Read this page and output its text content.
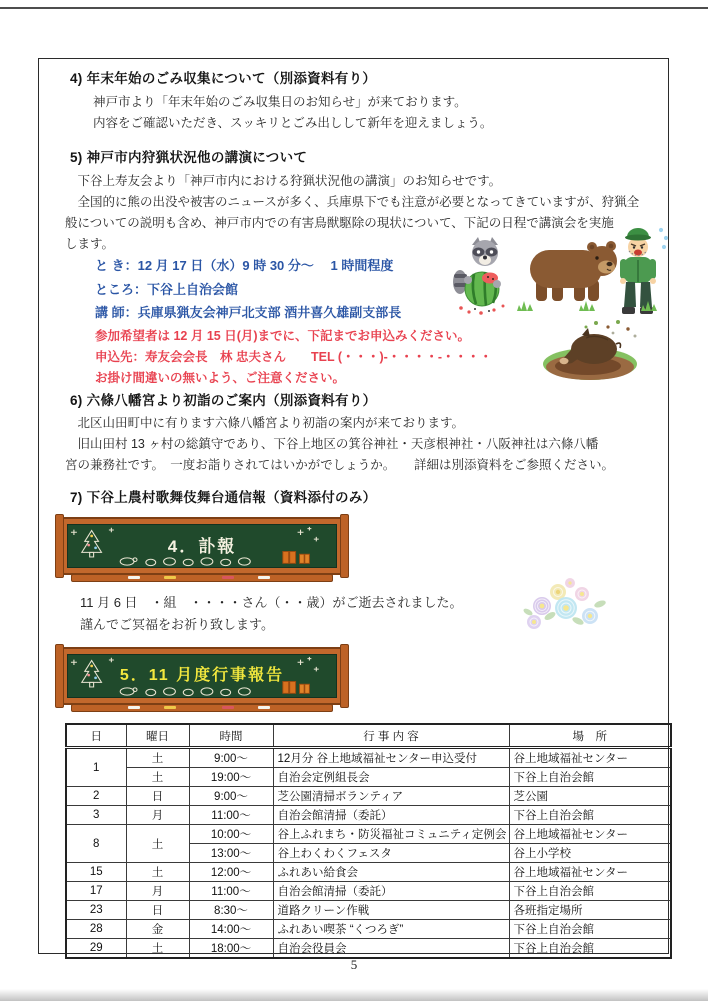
4) 年末年始のごみ収集について（別添資料有り）
神戸市より「年末年始のごみ収集日のお知らせ」が来ております。
内容をご確認いただき、スッキリとごみ出しして新年を迎えましょう。
5) 神戸市内狩猟状況他の講演について
　下谷上寿友会より「神戸市内における狩猟状況他の講演」のお知らせです。
　全国的に熊の出没や被害のニュースが多く、兵庫県下でも注意が必要となってきていますが、狩猟全
般についての説明も含め、神戸市内での有害鳥獣駆除の現状について、下記の日程で講演会を実施
します。
と き：12 月 17 日（水）9 時 30 分～　 1 時間程度
ところ：下谷上自治会館
講 師：兵庫県猟友会神戸北支部 酒井喜久雄副支部長
参加希望者は 12 月 15 日(月)までに、下記までお申込みください。
申込先：寿友会会長　林 忠夫さん　　TEL (・・・)-・・・・-・・・・
お掛け間違いの無いよう、ご注意ください。
6) 六條八幡宮より初詣のご案内（別添資料有り）
　北区山田町中に有ります六條八幡宮より初詣の案内が来ております。
　旧山田村 13 ヶ村の総鎮守であり、下谷上地区の箕谷神社・天彦根神社・八阪神社は六條八幡
宮の兼務社です。　一度お詣りされてはいかがでしょうか。　　詳細は別添資料をご参照ください。
7) 下谷上農村歌舞伎舞台通信報（資料添付のみ）
4．訃報
11 月 6 日　・組　・・・・さん（・・歳）がご逝去されました。
謹んでご冥福をお祈り致します。
5．11 月度行事報告
日	曜日	時間	行 事 内 容	場　所
1	土	9:00～	12月分 谷上地域福祉センター申込受付	谷上地域福祉センター
	土	19:00～	自治会定例組長会	下谷上自治会館
2	日	9:00～	芝公園清掃ボランティア	芝公園
3	月	11:00～	自治会館清掃（委託）	下谷上自治会館
8	土	10:00～	谷上ふれまち・防災福祉コミュニティ定例会	谷上地域福祉センター
		13:00～	谷上わくわくフェスタ	谷上小学校
15	土	12:00～	ふれあい給食会	谷上地域福祉センター
17	月	11:00～	自治会館清掃（委託）	下谷上自治会館
23	日	8:30～	道路クリーン作戦	各班指定場所
28	金	14:00～	ふれあい喫茶 “くつろぎ”	下谷上自治会館
29	土	18:00～	自治会役員会	下谷上自治会館
5
